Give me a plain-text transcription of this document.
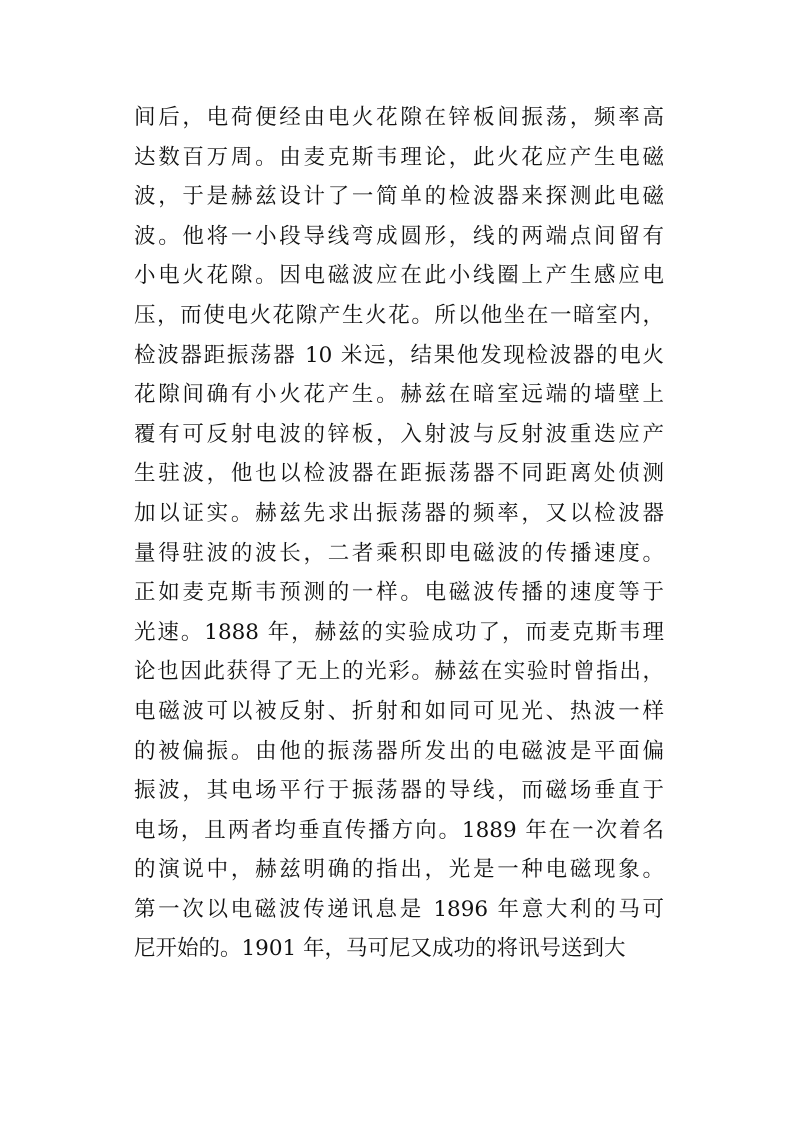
间后，电荷便经由电火花隙在锌板间振荡，频率高
达数百万周。由麦克斯韦理论，此火花应产生电磁
波，于是赫兹设计了一简单的检波器来探测此电磁
波。他将一小段导线弯成圆形，线的两端点间留有
小电火花隙。因电磁波应在此小线圈上产生感应电
压，而使电火花隙产生火花。所以他坐在一暗室内，
检波器距振荡器 10 米远，结果他发现检波器的电火
花隙间确有小火花产生。赫兹在暗室远端的墙壁上
覆有可反射电波的锌板，入射波与反射波重迭应产
生驻波，他也以检波器在距振荡器不同距离处侦测
加以证实。赫兹先求出振荡器的频率，又以检波器
量得驻波的波长，二者乘积即电磁波的传播速度。
正如麦克斯韦预测的一样。电磁波传播的速度等于
光速。1888 年，赫兹的实验成功了，而麦克斯韦理
论也因此获得了无上的光彩。赫兹在实验时曾指出，
电磁波可以被反射、折射和如同可见光、热波一样
的被偏振。由他的振荡器所发出的电磁波是平面偏
振波，其电场平行于振荡器的导线，而磁场垂直于
电场，且两者均垂直传播方向。1889 年在一次着名
的演说中，赫兹明确的指出，光是一种电磁现象。
第一次以电磁波传递讯息是 1896 年意大利的马可
尼开始的。1901 年，马可尼又成功的将讯号送到大
